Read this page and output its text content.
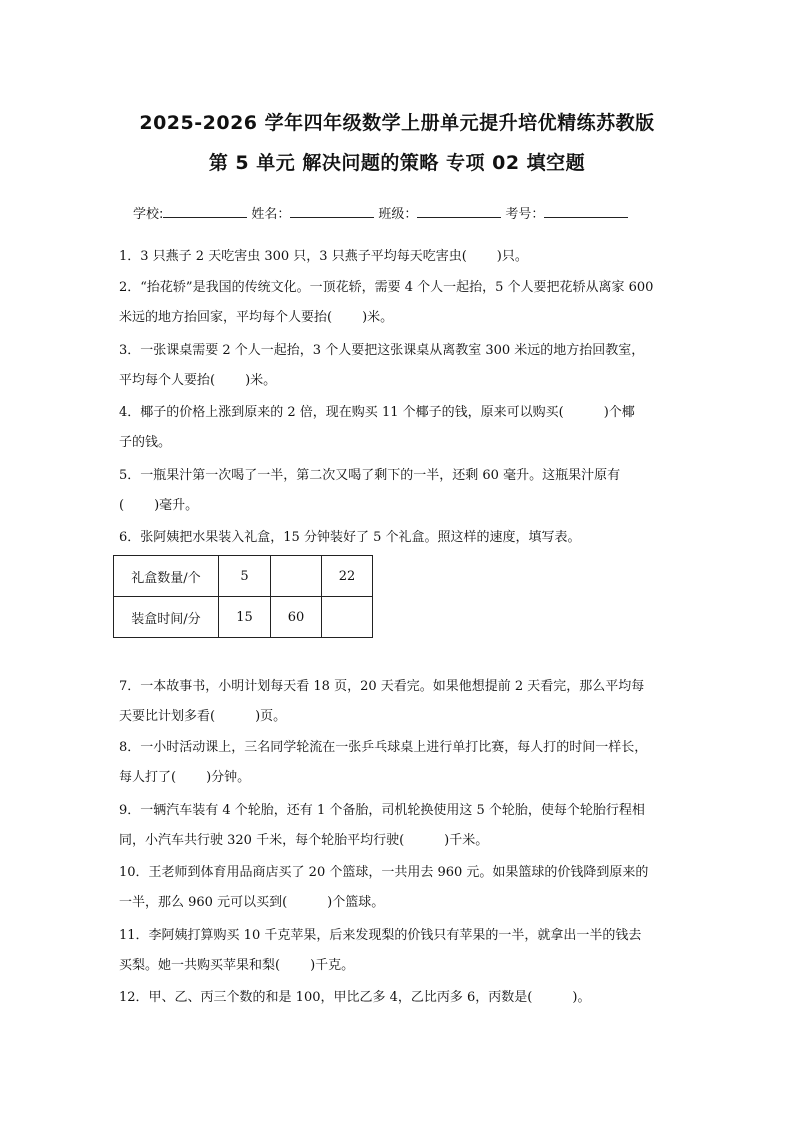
2025-2026 学年四年级数学上册单元提升培优精练苏教版
第 5 单元 解决问题的策略 专项 02 填空题
学校:	姓名：	班级：	考号：
1．3 只燕子 2 天吃害虫 300 只，3 只燕子平均每天吃害虫( )只。
2．“抬花轿”是我国的传统文化。一顶花轿，需要 4 个人一起抬，5 个人要把花轿从离家 600
米远的地方抬回家，平均每个人要抬( )米。
3．一张课桌需要 2 个人一起抬，3 个人要把这张课桌从离教室 300 米远的地方抬回教室，
平均每个人要抬( )米。
4．椰子的价格上涨到原来的 2 倍，现在购买 11 个椰子的钱，原来可以购买(	)个椰
子的钱。
5．一瓶果汁第一次喝了一半，第二次又喝了剩下的一半，还剩 60 毫升。这瓶果汁原有
( )毫升。
6．张阿姨把水果装入礼盒，15 分钟装好了 5 个礼盒。照这样的速度，填写表。
礼盒数量/个	5		22
装盒时间/分	15	60	
7．一本故事书，小明计划每天看 18 页，20 天看完。如果他想提前 2 天看完，那么平均每
天要比计划多看(	)页。
8．一小时活动课上，三名同学轮流在一张乒乓球桌上进行单打比赛，每人打的时间一样长，
每人打了( )分钟。
9．一辆汽车装有 4 个轮胎，还有 1 个备胎，司机轮换使用这 5 个轮胎，使每个轮胎行程相
同，小汽车共行驶 320 千米，每个轮胎平均行驶(	)千米。
10．王老师到体育用品商店买了 20 个篮球，一共用去 960 元。如果篮球的价钱降到原来的
一半，那么 960 元可以买到(	)个篮球。
11．李阿姨打算购买 10 千克苹果，后来发现梨的价钱只有苹果的一半，就拿出一半的钱去
买梨。她一共购买苹果和梨( )千克。
12．甲、乙、丙三个数的和是 100，甲比乙多 4，乙比丙多 6，丙数是(	)。
